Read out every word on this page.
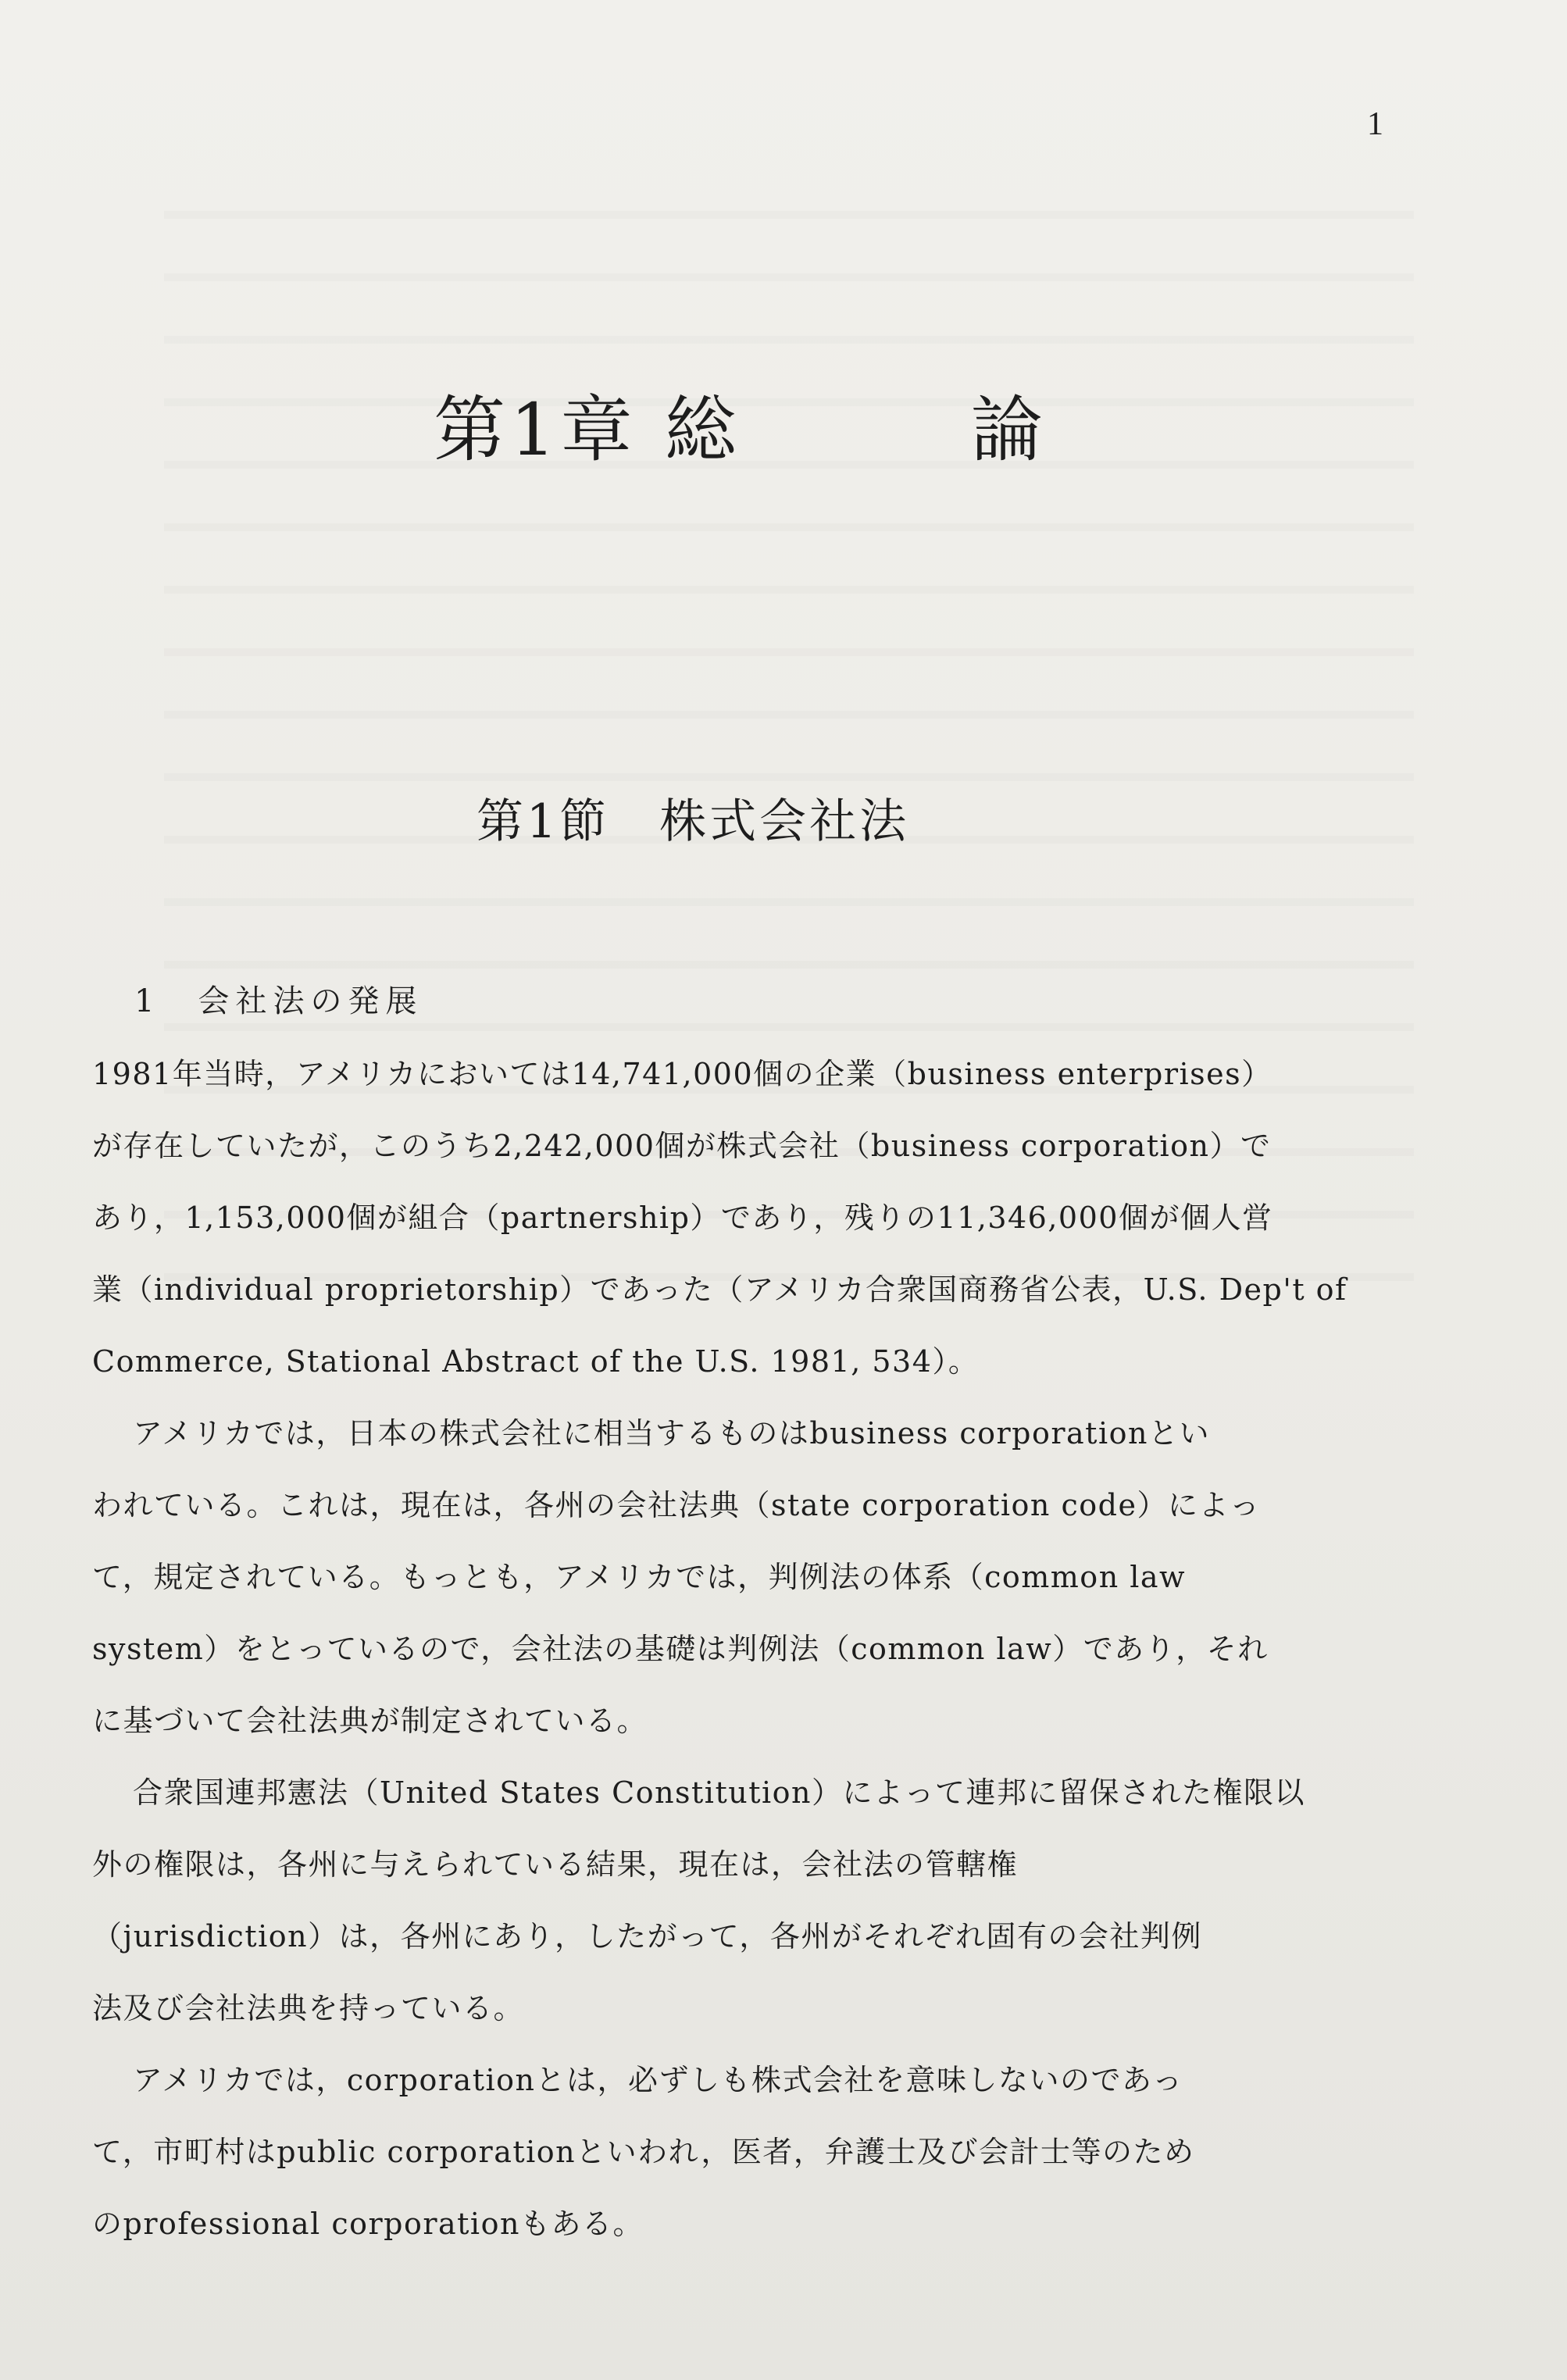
1
第1章 総　　　論
第1節　株式会社法
1　 会社法の発展
1981年当時，アメリカにおいては14,741,000個の企業（business enterprises）
が存在していたが，このうち2,242,000個が株式会社（business corporation）で
あり，1,153,000個が組合（partnership）であり，残りの11,346,000個が個人営
業（individual proprietorship）であった（アメリカ合衆国商務省公表，U.S. Dep't of
Commerce, Stational Abstract of the U.S. 1981, 534）。
アメリカでは，日本の株式会社に相当するものはbusiness corporationとい
われている。これは，現在は，各州の会社法典（state corporation code）によっ
て，規定されている。もっとも，アメリカでは，判例法の体系（common law
system）をとっているので，会社法の基礎は判例法（common law）であり，それ
に基づいて会社法典が制定されている。
合衆国連邦憲法（United States Constitution）によって連邦に留保された権限以
外の権限は，各州に与えられている結果，現在は，会社法の管轄権
（jurisdiction）は，各州にあり，したがって，各州がそれぞれ固有の会社判例
法及び会社法典を持っている。
アメリカでは，corporationとは，必ずしも株式会社を意味しないのであっ
て，市町村はpublic corporationといわれ，医者，弁護士及び会計士等のため
のprofessional corporationもある。
